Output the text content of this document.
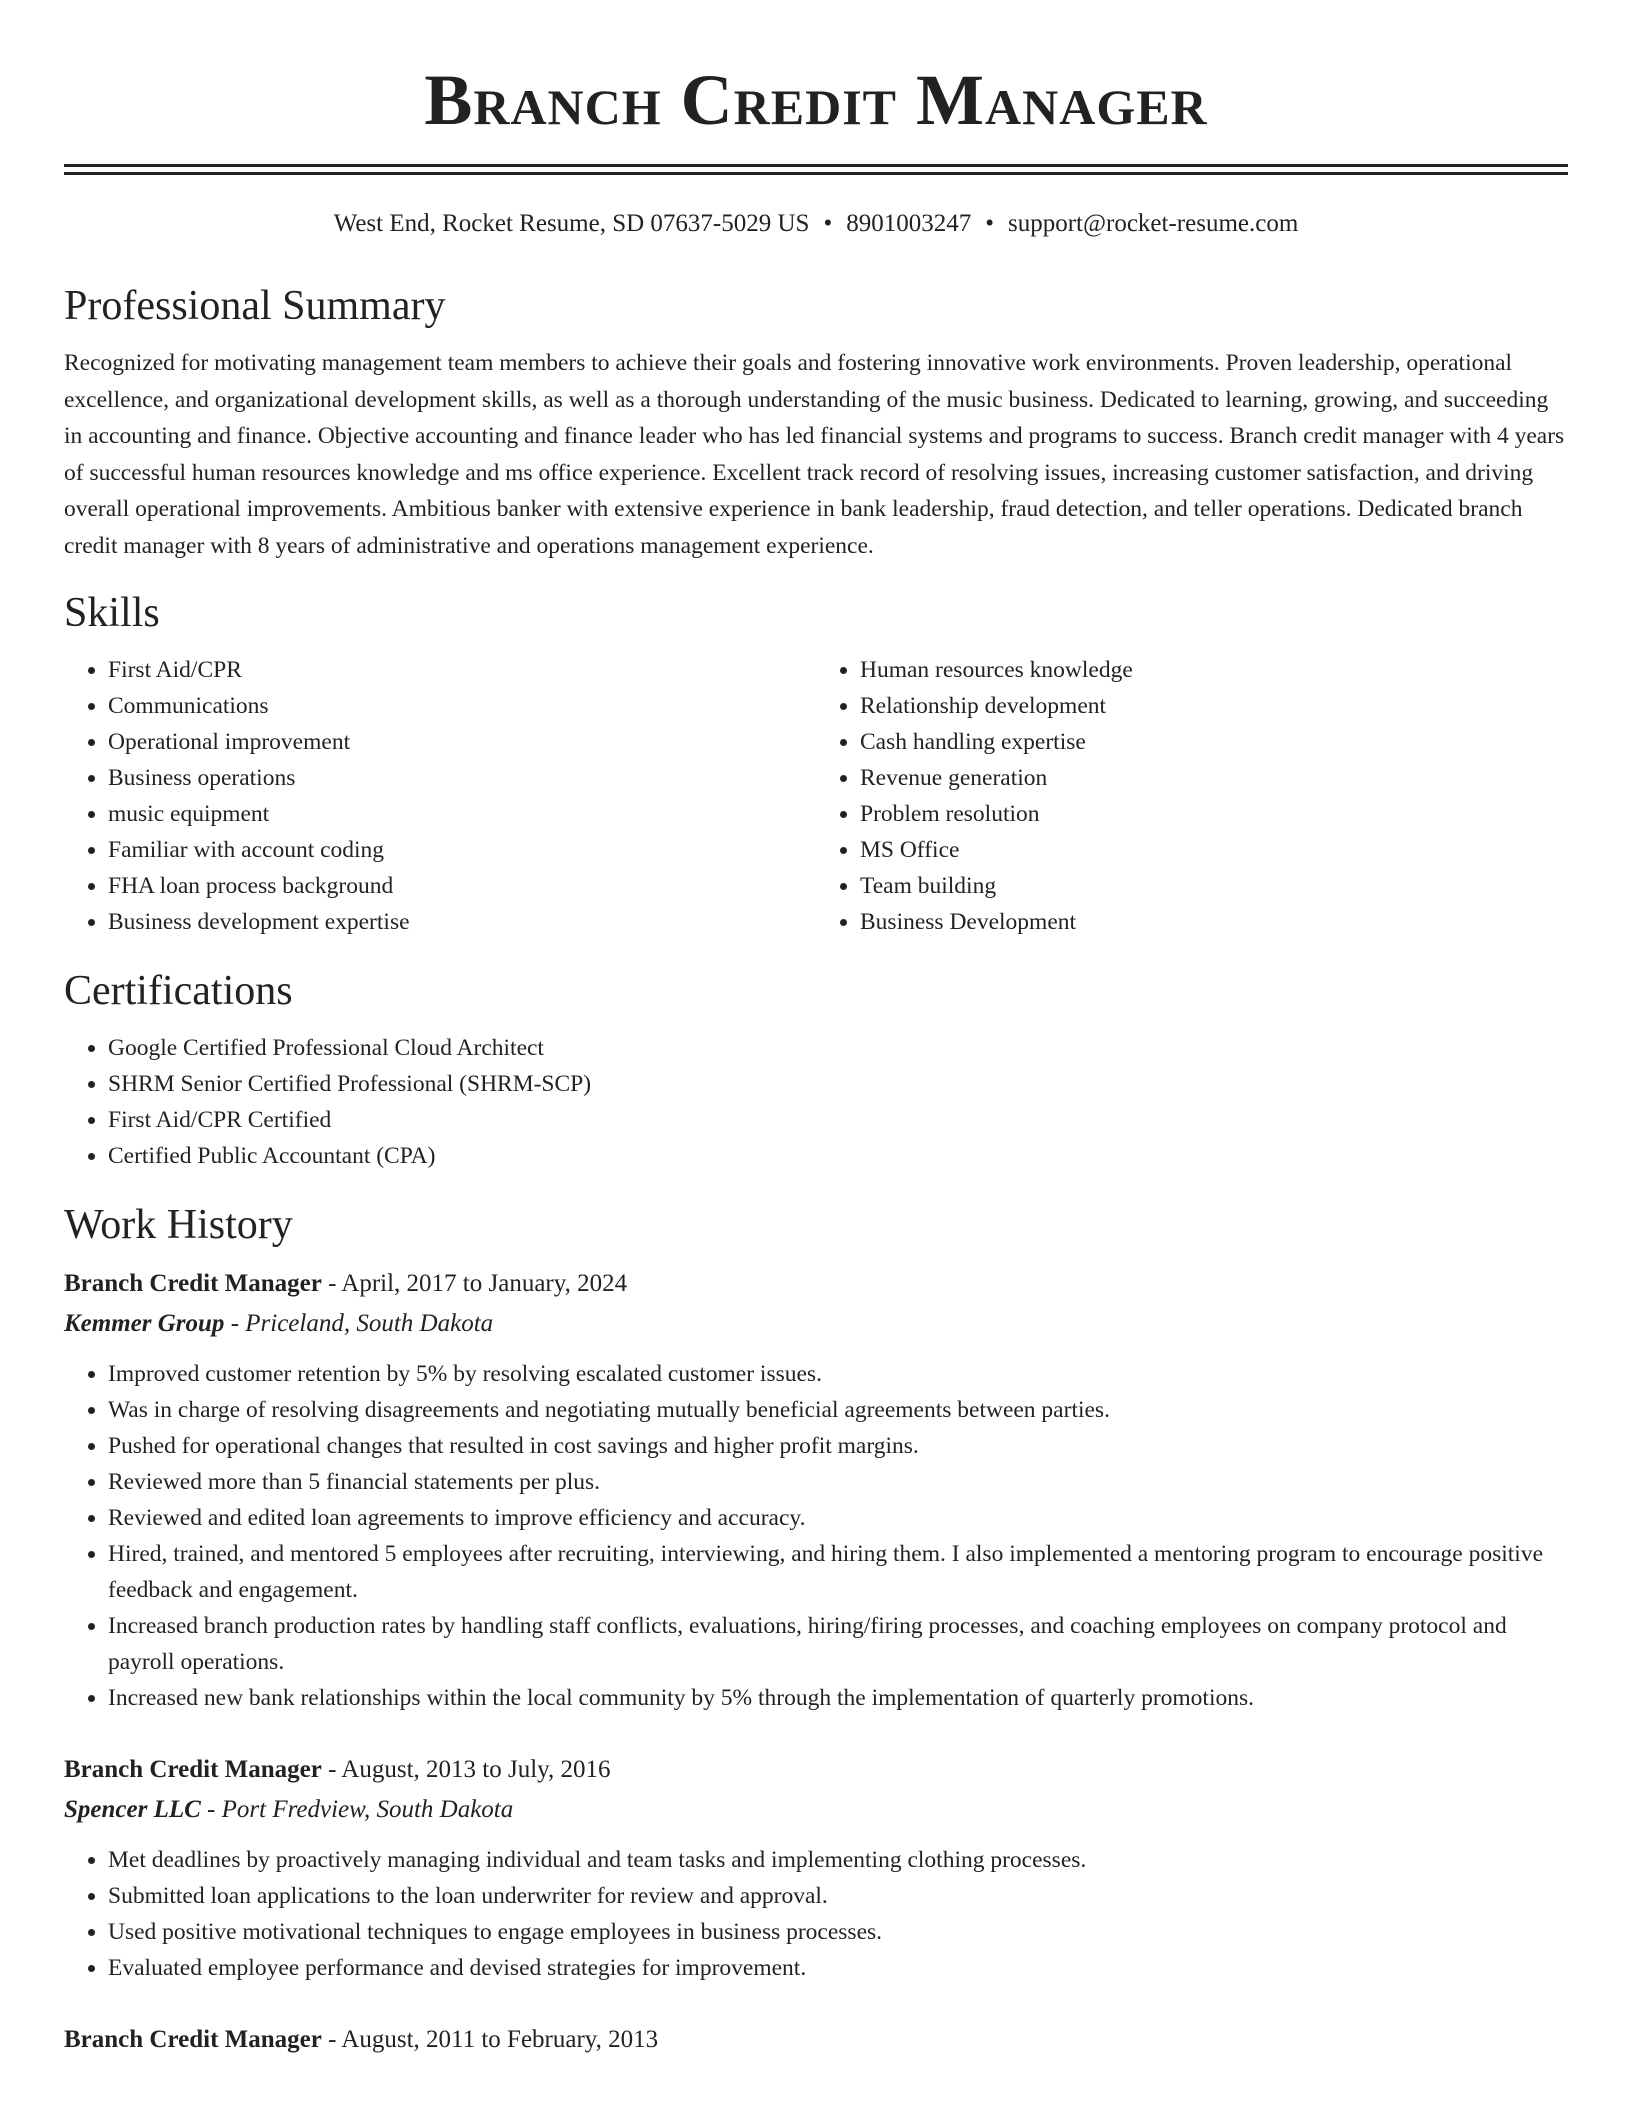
Branch Credit Manager
West End, Rocket Resume, SD 07637-5029 US • 8901003247 • support@rocket-resume.com
Professional Summary

Recognized for motivating management team members to achieve their goals and fostering innovative work environments. Proven leadership, operational excellence, and organizational development skills, as well as a thorough understanding of the music business. Dedicated to learning, growing, and succeeding in accounting and finance. Objective accounting and finance leader who has led financial systems and programs to success. Branch credit manager with 4 years of successful human resources knowledge and ms office experience. Excellent track record of resolving issues, increasing customer satisfaction, and driving overall operational improvements. Ambitious banker with extensive experience in bank leadership, fraud detection, and teller operations. Dedicated branch credit manager with 8 years of administrative and operations management experience.

Skills
• First Aid/CPR
• Communications
• Operational improvement
• Business operations
• music equipment
• Familiar with account coding
• FHA loan process background
• Business development expertise
• Human resources knowledge
• Relationship development
• Cash handling expertise
• Revenue generation
• Problem resolution
• MS Office
• Team building
• Business Development
Certifications
• Google Certified Professional Cloud Architect
• SHRM Senior Certified Professional (SHRM-SCP)
• First Aid/CPR Certified
• Certified Public Accountant (CPA)
Work History
Branch Credit Manager - April, 2017 to January, 2024
Kemmer Group - Priceland, South Dakota
• Improved customer retention by 5% by resolving escalated customer issues.
• Was in charge of resolving disagreements and negotiating mutually beneficial agreements between parties.
• Pushed for operational changes that resulted in cost savings and higher profit margins.
• Reviewed more than 5 financial statements per plus.
• Reviewed and edited loan agreements to improve efficiency and accuracy.
• Hired, trained, and mentored 5 employees after recruiting, interviewing, and hiring them. I also implemented a mentoring program to encourage positive feedback and engagement.
• Increased branch production rates by handling staff conflicts, evaluations, hiring/firing processes, and coaching employees on company protocol and payroll operations.
• Increased new bank relationships within the local community by 5% through the implementation of quarterly promotions.
Branch Credit Manager - August, 2013 to July, 2016
Spencer LLC - Port Fredview, South Dakota
• Met deadlines by proactively managing individual and team tasks and implementing clothing processes.
• Submitted loan applications to the loan underwriter for review and approval.
• Used positive motivational techniques to engage employees in business processes.
• Evaluated employee performance and devised strategies for improvement.
Branch Credit Manager - August, 2011 to February, 2013
